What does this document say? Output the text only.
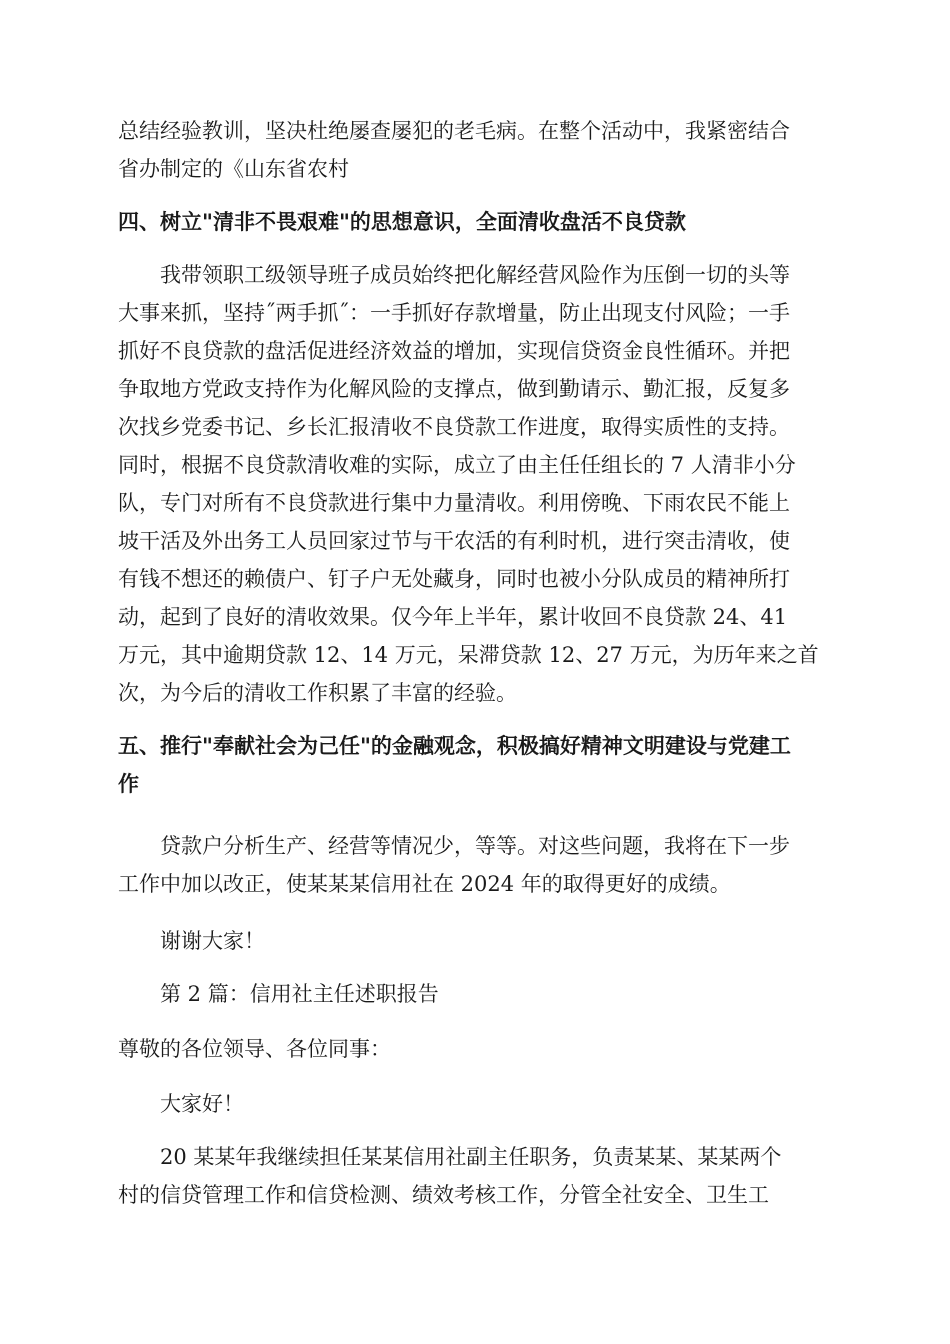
总结经验教训，坚决杜绝屡查屡犯的老毛病。在整个活动中，我紧密结合

省办制定的《山东省农村

四、树立"清非不畏艰难"的思想意识，全面清收盘活不良贷款

我带领职工级领导班子成员始终把化解经营风险作为压倒一切的头等

大事来抓，坚持˝两手抓˝：一手抓好存款增量，防止出现支付风险；一手

抓好不良贷款的盘活促进经济效益的增加，实现信贷资金良性循环。并把

争取地方党政支持作为化解风险的支撑点，做到勤请示、勤汇报，反复多

次找乡党委书记、乡长汇报清收不良贷款工作进度，取得实质性的支持。

同时，根据不良贷款清收难的实际，成立了由主任任组长的 7 人清非小分

队，专门对所有不良贷款进行集中力量清收。利用傍晚、下雨农民不能上

坡干活及外出务工人员回家过节与干农活的有利时机，进行突击清收，使

有钱不想还的赖债户、钉子户无处藏身，同时也被小分队成员的精神所打

动，起到了良好的清收效果。仅今年上半年，累计收回不良贷款 24、41

万元，其中逾期贷款 12、14 万元，呆滞贷款 12、27 万元，为历年来之首

次，为今后的清收工作积累了丰富的经验。

五、推行"奉献社会为己任"的金融观念，积极搞好精神文明建设与党建工

作

贷款户分析生产、经营等情况少，等等。对这些问题，我将在下一步

工作中加以改正，使某某某信用社在 2024 年的取得更好的成绩。

谢谢大家！

第 2 篇：信用社主任述职报告

尊敬的各位领导、各位同事：

大家好！

20 某某年我继续担任某某信用社副主任职务，负责某某、某某两个

村的信贷管理工作和信贷检测、绩效考核工作，分管全社安全、卫生工
